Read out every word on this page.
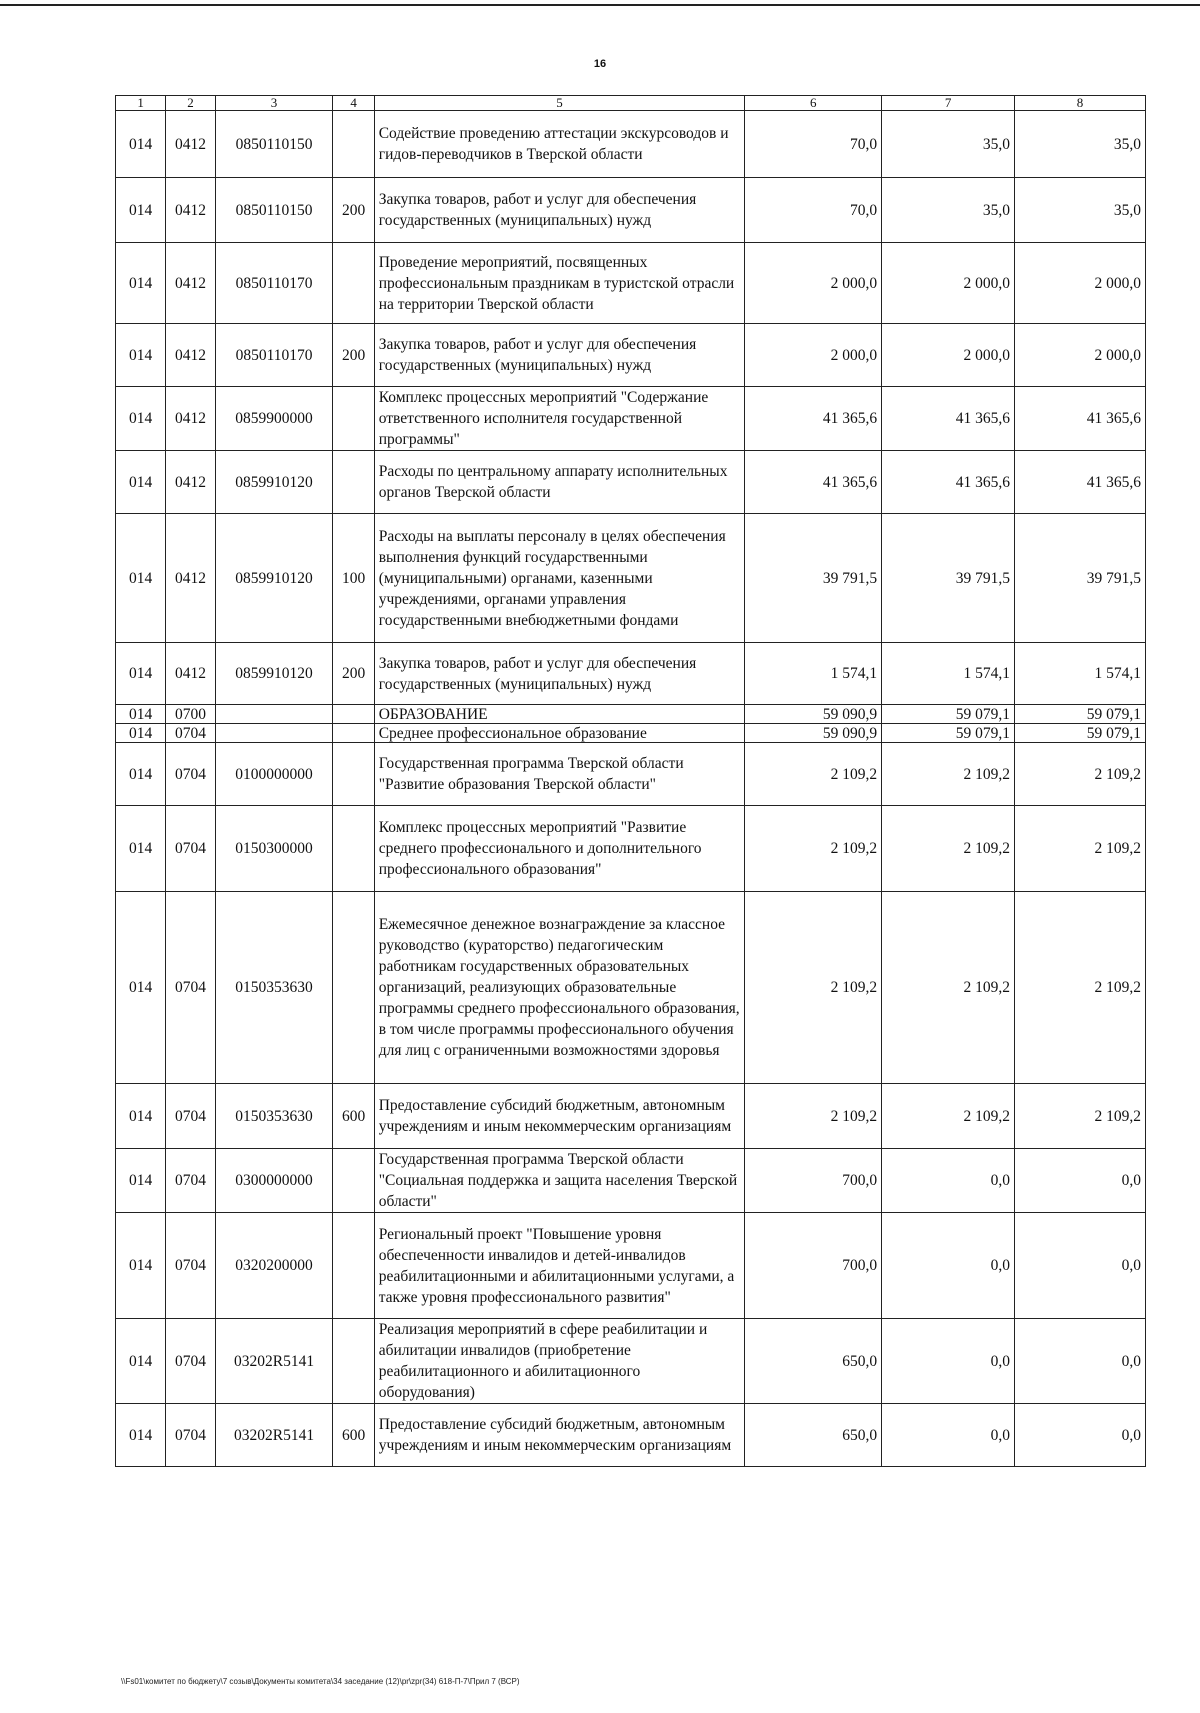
16
1	2	3	4	5	6	7	8
014	0412	0850110150		Содействие проведению аттестации экскурсоводов и гидов-переводчиков в Тверской области	70,0	35,0	35,0
014	0412	0850110150	200	Закупка товаров, работ и услуг для обеспечения государственных (муниципальных) нужд	70,0	35,0	35,0
014	0412	0850110170		Проведение мероприятий, посвященных профессиональным праздникам в туристской отрасли на территории Тверской области	2 000,0	2 000,0	2 000,0
014	0412	0850110170	200	Закупка товаров, работ и услуг для обеспечения государственных (муниципальных) нужд	2 000,0	2 000,0	2 000,0
014	0412	0859900000		Комплекс процессных мероприятий "Содержание ответственного исполнителя государственной программы"	41 365,6	41 365,6	41 365,6
014	0412	0859910120		Расходы по центральному аппарату исполнительных органов Тверской области	41 365,6	41 365,6	41 365,6
014	0412	0859910120	100	Расходы на выплаты персоналу в целях обеспечения выполнения функций государственными (муниципальными) органами, казенными учреждениями, органами управления государственными внебюджетными фондами	39 791,5	39 791,5	39 791,5
014	0412	0859910120	200	Закупка товаров, работ и услуг для обеспечения государственных (муниципальных) нужд	1 574,1	1 574,1	1 574,1
014	0700			ОБРАЗОВАНИЕ	59 090,9	59 079,1	59 079,1
014	0704			Среднее профессиональное образование	59 090,9	59 079,1	59 079,1
014	0704	0100000000		Государственная программа Тверской области "Развитие образования Тверской области"	2 109,2	2 109,2	2 109,2
014	0704	0150300000		Комплекс процессных мероприятий "Развитие среднего профессионального и дополнительного профессионального образования"	2 109,2	2 109,2	2 109,2
014	0704	0150353630		Ежемесячное денежное вознаграждение за классное руководство (кураторство) педагогическим работникам государственных образовательных организаций, реализующих образовательные программы среднего профессионального образования, в том числе программы профессионального обучения для лиц с ограниченными возможностями здоровья	2 109,2	2 109,2	2 109,2
014	0704	0150353630	600	Предоставление субсидий бюджетным, автономным учреждениям и иным некоммерческим организациям	2 109,2	2 109,2	2 109,2
014	0704	0300000000		Государственная программа Тверской области "Социальная поддержка и защита населения Тверской области"	700,0	0,0	0,0
014	0704	0320200000		Региональный проект "Повышение уровня обеспеченности инвалидов и детей-инвалидов реабилитационными и абилитационными услугами, а также уровня профессионального развития"	700,0	0,0	0,0
014	0704	03202R5141		Реализация мероприятий в сфере реабилитации и абилитации инвалидов (приобретение реабилитационного и абилитационного оборудования)	650,0	0,0	0,0
014	0704	03202R5141	600	Предоставление субсидий бюджетным, автономным учреждениям и иным некоммерческим организациям	650,0	0,0	0,0
\\Fs01\комитет по бюджету\7 созыв\Документы комитета\34 заседание (12)\pr\zpr(34) 618-П-7\Прил 7 (ВСР)
